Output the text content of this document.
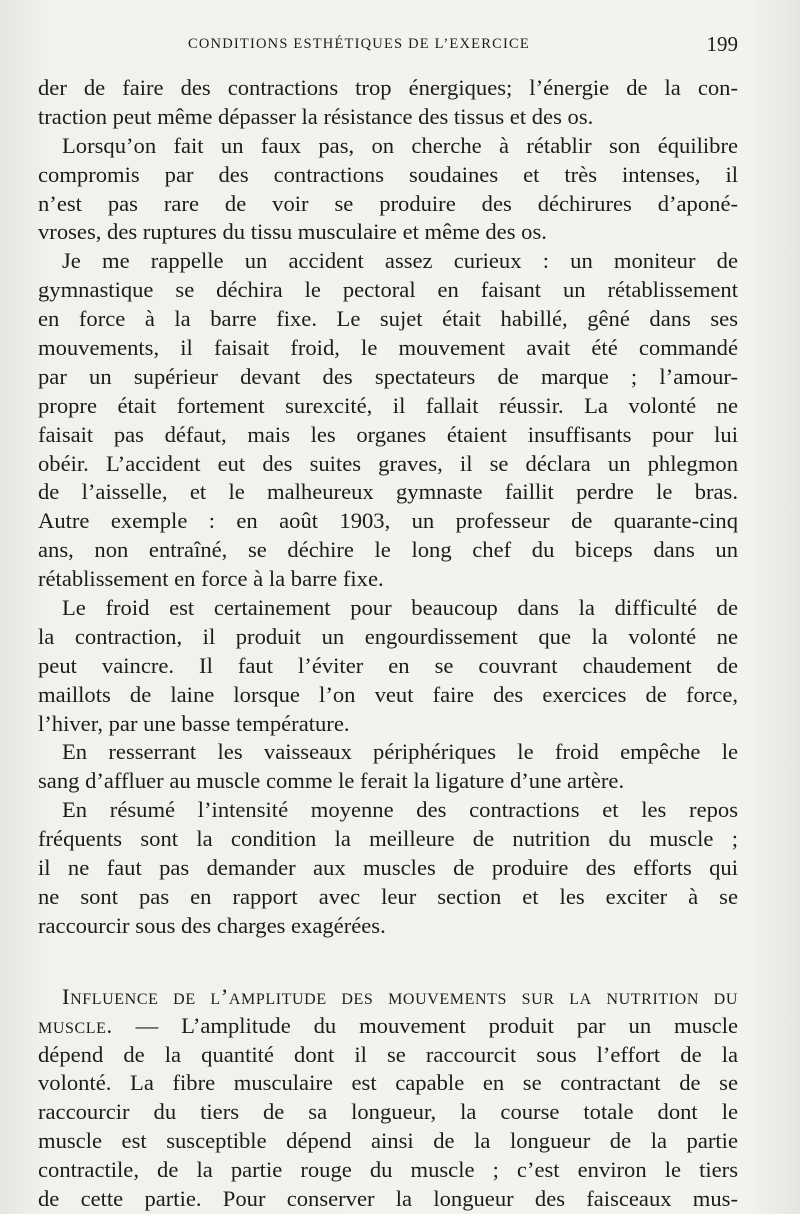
CONDITIONS ESTHÉTIQUES DE L’EXERCICE	199
der de faire des contractions trop énergiques; l’énergie de la con-
traction peut même dépasser la résistance des tissus et des os.
Lorsqu’on fait un faux pas, on cherche à rétablir son équilibre
compromis par des contractions soudaines et très intenses, il
n’est pas rare de voir se produire des déchirures d’aponé-
vroses, des ruptures du tissu musculaire et même des os.
Je me rappelle un accident assez curieux : un moniteur de
gymnastique se déchira le pectoral en faisant un rétablissement
en force à la barre fixe. Le sujet était habillé, gêné dans ses
mouvements, il faisait froid, le mouvement avait été commandé
par un supérieur devant des spectateurs de marque ; l’amour-
propre était fortement surexcité, il fallait réussir. La volonté ne
faisait pas défaut, mais les organes étaient insuffisants pour lui
obéir. L’accident eut des suites graves, il se déclara un phlegmon
de l’aisselle, et le malheureux gymnaste faillit perdre le bras.
Autre exemple : en août 1903, un professeur de quarante-cinq
ans, non entraîné, se déchire le long chef du biceps dans un
rétablissement en force à la barre fixe.
Le froid est certainement pour beaucoup dans la difficulté de
la contraction, il produit un engourdissement que la volonté ne
peut vaincre. Il faut l’éviter en se couvrant chaudement de
maillots de laine lorsque l’on veut faire des exercices de force,
l’hiver, par une basse température.
En resserrant les vaisseaux périphériques le froid empêche le
sang d’affluer au muscle comme le ferait la ligature d’une artère.
En résumé l’intensité moyenne des contractions et les repos
fréquents sont la condition la meilleure de nutrition du muscle ;
il ne faut pas demander aux muscles de produire des efforts qui
ne sont pas en rapport avec leur section et les exciter à se
raccourcir sous des charges exagérées.
Influence de l’amplitude des mouvements sur la nutrition du
muscle. — L’amplitude du mouvement produit par un muscle
dépend de la quantité dont il se raccourcit sous l’effort de la
volonté. La fibre musculaire est capable en se contractant de se
raccourcir du tiers de sa longueur, la course totale dont le
muscle est susceptible dépend ainsi de la longueur de la partie
contractile, de la partie rouge du muscle ; c’est environ le tiers
de cette partie. Pour conserver la longueur des faisceaux mus-
